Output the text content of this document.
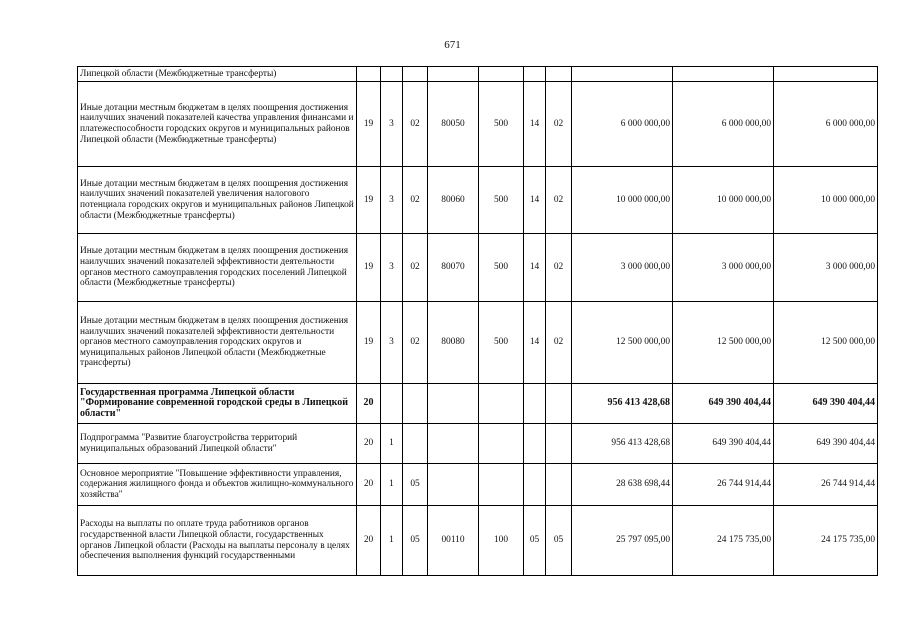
671
Липецкой области (Межбюджетные трансферты)										
Иные дотации местным бюджетам в целях поощрения достижения наилучших значений показателей качества управления финансами и платежеспособности городских округов и муниципальных районов Липецкой области (Межбюджетные трансферты)	19	3	02	80050	500	14	02	6 000 000,00	6 000 000,00	6 000 000,00
Иные дотации местным бюджетам в целях поощрения достижения наилучших значений показателей увеличения налогового потенциала городских округов и муниципальных районов Липецкой области (Межбюджетные трансферты)	19	3	02	80060	500	14	02	10 000 000,00	10 000 000,00	10 000 000,00
Иные дотации местным бюджетам в целях поощрения достижения наилучших значений показателей эффективности деятельности органов местного самоуправления городских поселений Липецкой области (Межбюджетные трансферты)	19	3	02	80070	500	14	02	3 000 000,00	3 000 000,00	3 000 000,00
Иные дотации местным бюджетам в целях поощрения достижения наилучших значений показателей эффективности деятельности органов местного самоуправления городских округов и муниципальных районов Липецкой области (Межбюджетные трансферты)	19	3	02	80080	500	14	02	12 500 000,00	12 500 000,00	12 500 000,00
Государственная программа Липецкой области "Формирование современной городской среды в Липецкой области"	20							956 413 428,68	649 390 404,44	649 390 404,44
Подпрограмма "Развитие благоустройства территорий муниципальных образований Липецкой области"	20	1						956 413 428,68	649 390 404,44	649 390 404,44
Основное мероприятие "Повышение эффективности управления, содержания жилищного фонда и объектов жилищно-коммунального хозяйства"	20	1	05					28 638 698,44	26 744 914,44	26 744 914,44
Расходы на выплаты по оплате труда работников органов государственной власти Липецкой области, государственных органов Липецкой области (Расходы на выплаты персоналу в целях обеспечения выполнения функций государственными	20	1	05	00110	100	05	05	25 797 095,00	24 175 735,00	24 175 735,00
